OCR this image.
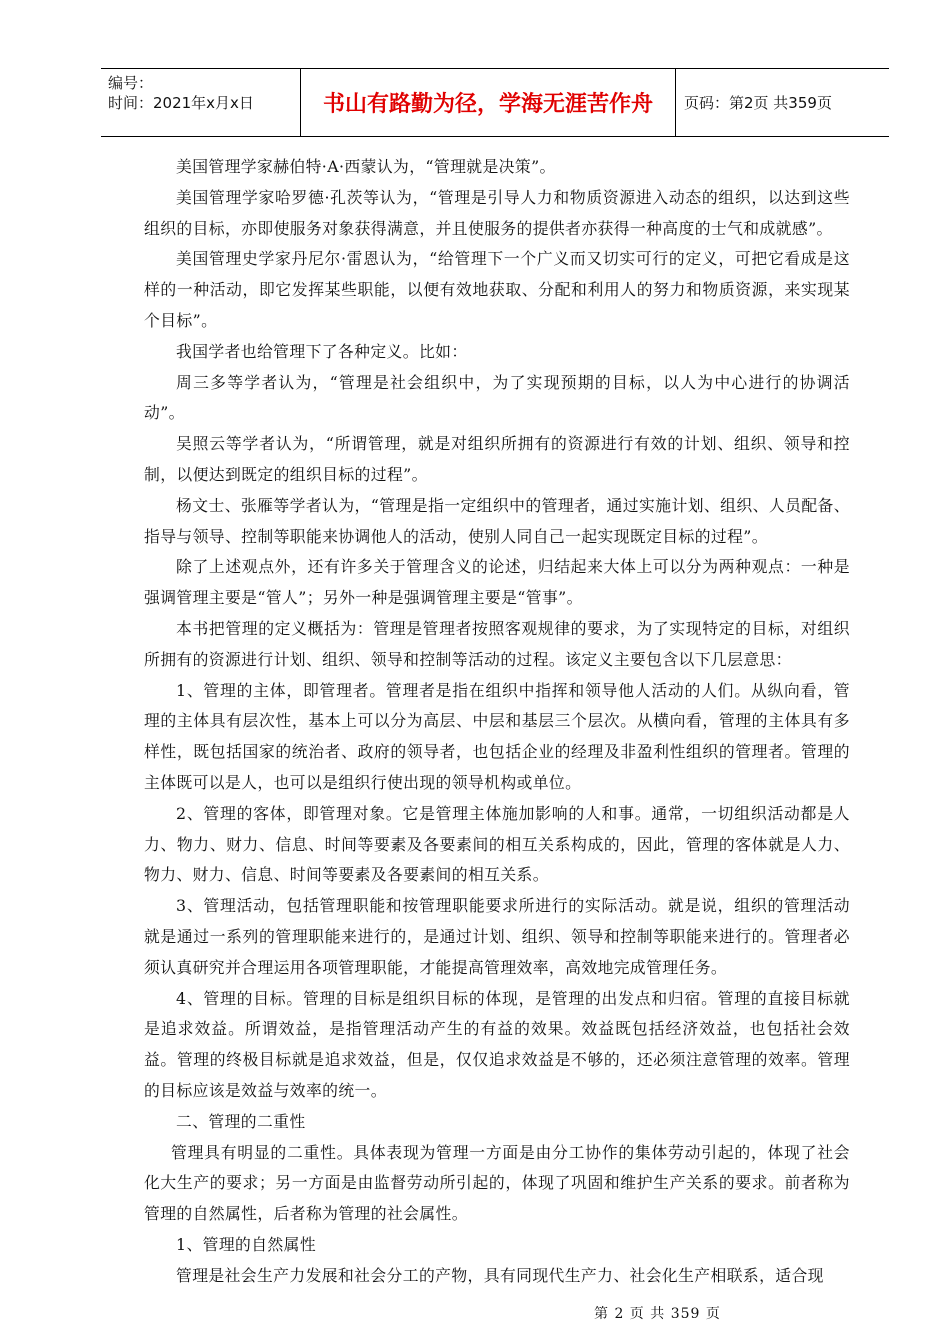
编号：
时间：2021年x月x日	书山有路勤为径，学海无涯苦作舟	页码：第2页 共359页

美国管理学家赫伯特·A·西蒙认为，“管理就是决策”。

美国管理学家哈罗德·孔茨等认为，“管理是引导人力和物质资源进入动态的组织，以达到这些组织的目标，亦即使服务对象获得满意，并且使服务的提供者亦获得一种高度的士气和成就感”。

美国管理史学家丹尼尔·雷恩认为，“给管理下一个广义而又切实可行的定义，可把它看成是这样的一种活动，即它发挥某些职能，以便有效地获取、分配和利用人的努力和物质资源，来实现某个目标”。

我国学者也给管理下了各种定义。比如：

周三多等学者认为，“管理是社会组织中，为了实现预期的目标，以人为中心进行的协调活动”。

吴照云等学者认为，“所谓管理，就是对组织所拥有的资源进行有效的计划、组织、领导和控制，以便达到既定的组织目标的过程”。

杨文士、张雁等学者认为，“管理是指一定组织中的管理者，通过实施计划、组织、人员配备、指导与领导、控制等职能来协调他人的活动，使别人同自己一起实现既定目标的过程”。

除了上述观点外，还有许多关于管理含义的论述，归结起来大体上可以分为两种观点：一种是强调管理主要是“管人”；另外一种是强调管理主要是“管事”。

本书把管理的定义概括为：管理是管理者按照客观规律的要求，为了实现特定的目标，对组织所拥有的资源进行计划、组织、领导和控制等活动的过程。该定义主要包含以下几层意思：

1、管理的主体，即管理者。管理者是指在组织中指挥和领导他人活动的人们。从纵向看，管理的主体具有层次性，基本上可以分为高层、中层和基层三个层次。从横向看，管理的主体具有多样性，既包括国家的统治者、政府的领导者，也包括企业的经理及非盈利性组织的管理者。管理的主体既可以是人，也可以是组织行使出现的领导机构或单位。

2、管理的客体，即管理对象。它是管理主体施加影响的人和事。通常，一切组织活动都是人力、物力、财力、信息、时间等要素及各要素间的相互关系构成的，因此，管理的客体就是人力、物力、财力、信息、时间等要素及各要素间的相互关系。

3、管理活动，包括管理职能和按管理职能要求所进行的实际活动。就是说，组织的管理活动就是通过一系列的管理职能来进行的，是通过计划、组织、领导和控制等职能来进行的。管理者必须认真研究并合理运用各项管理职能，才能提高管理效率，高效地完成管理任务。

4、管理的目标。管理的目标是组织目标的体现，是管理的出发点和归宿。管理的直接目标就是追求效益。所谓效益，是指管理活动产生的有益的效果。效益既包括经济效益，也包括社会效益。管理的终极目标就是追求效益，但是，仅仅追求效益是不够的，还必须注意管理的效率。管理的目标应该是效益与效率的统一。

二、管理的二重性

管理具有明显的二重性。具体表现为管理一方面是由分工协作的集体劳动引起的，体现了社会化大生产的要求；另一方面是由监督劳动所引起的，体现了巩固和维护生产关系的要求。前者称为管理的自然属性，后者称为管理的社会属性。

1、管理的自然属性

管理是社会生产力发展和社会分工的产物，具有同现代生产力、社会化生产相联系，适合现

第 2 页 共 359 页
